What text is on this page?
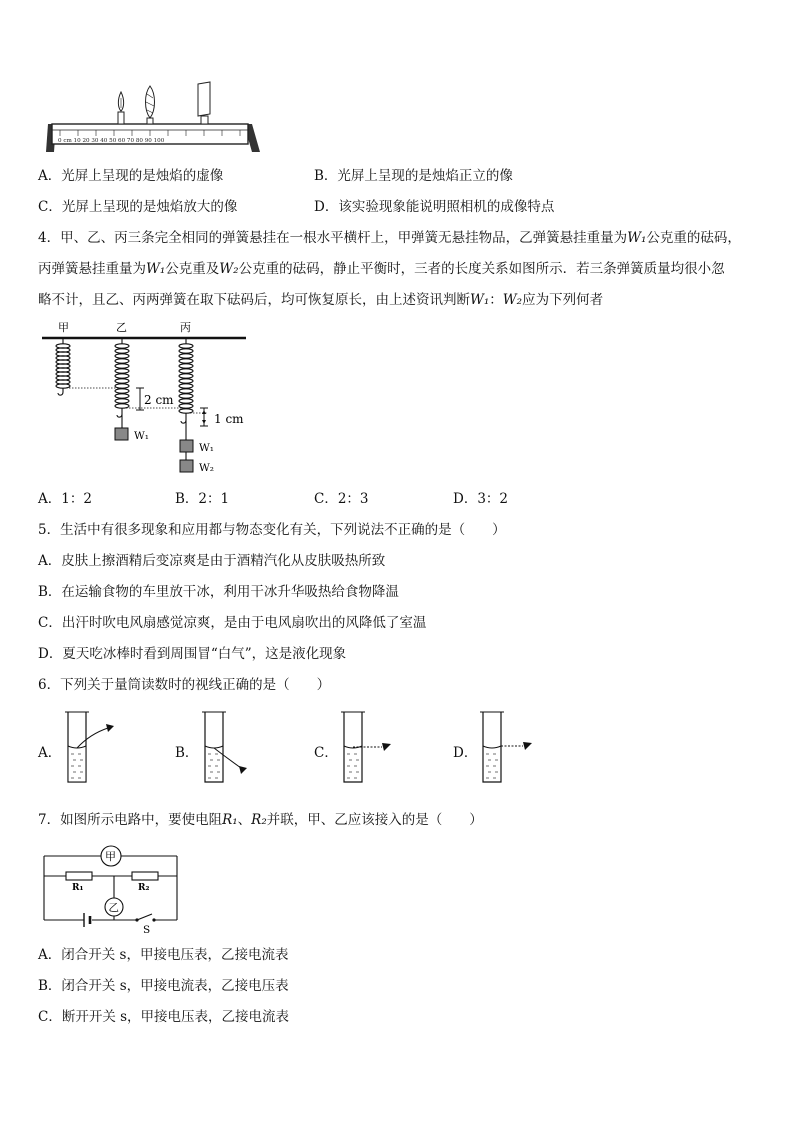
0 cm 10 20 30 40 50 60 70 80 90 100
A．光屏上呈现的是烛焰的虚像	B．光屏上呈现的是烛焰正立的像
C．光屏上呈现的是烛焰放大的像	D．该实验现象能说明照相机的成像特点
4．甲、乙、丙三条完全相同的弹簧悬挂在一根水平横杆上，甲弹簧无悬挂物品，乙弹簧悬挂重量为W₁公克重的砝码，
丙弹簧悬挂重量为W₁公克重及W₂公克重的砝码，静止平衡时，三者的长度关系如图所示．若三条弹簧质量均很小忽
略不计，且乙、丙两弹簧在取下砝码后，均可恢复原长，由上述资讯判断W₁：W₂应为下列何者
甲	乙	丙
W₁
W₁
W₂
2 cm
1 cm
A．1：2	B．2：1	C．2：3	D．3：2
5．生活中有很多现象和应用都与物态变化有关，下列说法不正确的是（　　）
A．皮肤上擦酒精后变凉爽是由于酒精汽化从皮肤吸热所致
B．在运输食物的车里放干冰，利用干冰升华吸热给食物降温
C．出汗时吹电风扇感觉凉爽，是由于电风扇吹出的风降低了室温
D．夏天吃冰棒时看到周围冒“白气”，这是液化现象
6．下列关于量筒读数时的视线正确的是（　　）
A．	B．	C．	D．
7．如图所示电路中，要使电阻R₁、R₂并联，甲、乙应该接入的是（　　）
甲
乙
R₁	R₂
S
A．闭合开关 s，甲接电压表，乙接电流表
B．闭合开关 s，甲接电流表，乙接电压表
C．断开开关 s，甲接电压表，乙接电流表
